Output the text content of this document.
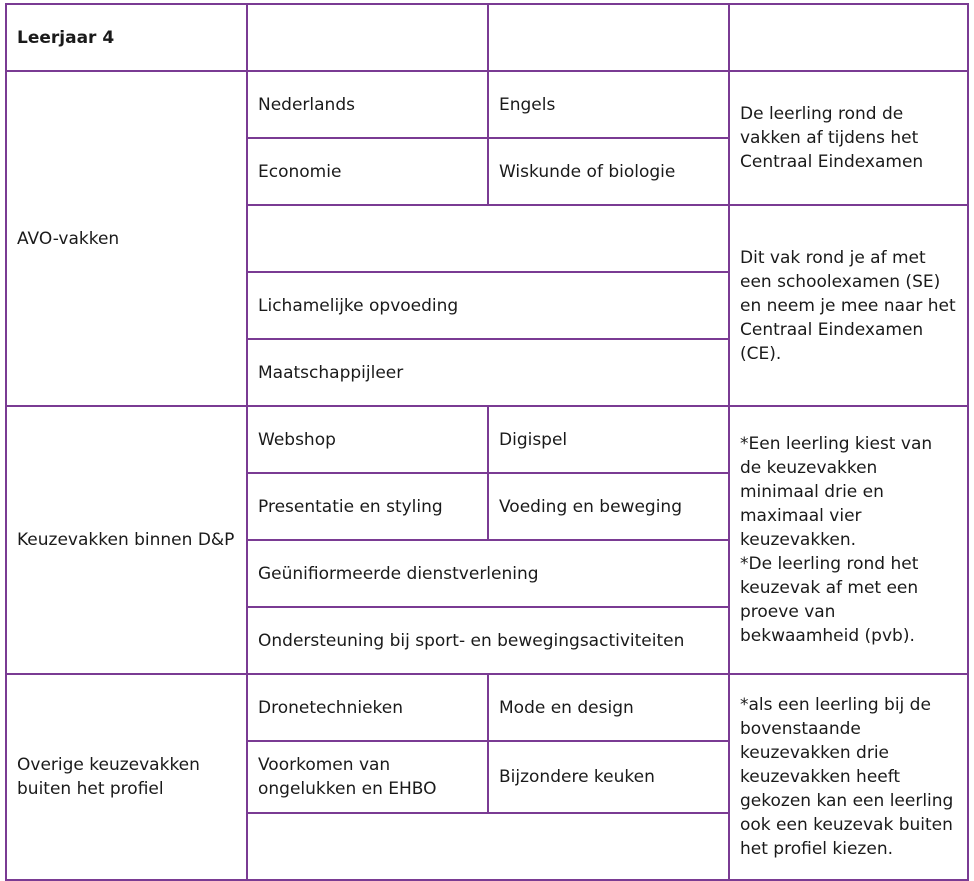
Leerjaar 4			
AVO-vakken	Nederlands	Engels	De leerling rond de vakken af tijdens het Centraal Eindexamen
	Economie	Wiskunde of biologie	
			Dit vak rond je af met een schoolexamen (SE) en neem je mee naar het Centraal Eindexamen (CE).
	Lichamelijke opvoeding		
	Maatschappijleer		
Keuzevakken binnen D&P	Webshop	Digispel	*Een leerling kiest van de keuzevakken minimaal drie en maximaal vier keuzevakken.
*De leerling rond het keuzevak af met een proeve van bekwaamheid (pvb).
	Presentatie en styling	Voeding en beweging	
	Geünifiormeerde dienstverlening		
	Ondersteuning bij sport- en bewegingsactiviteiten		
Overige keuzevakken buiten het profiel	Dronetechnieken	Mode en design	*als een leerling bij de bovenstaande keuzevakken drie keuzevakken heeft gekozen kan een leerling ook een keuzevak buiten het profiel kiezen.
	Voorkomen van ongelukken en EHBO	Bijzondere keuken	
